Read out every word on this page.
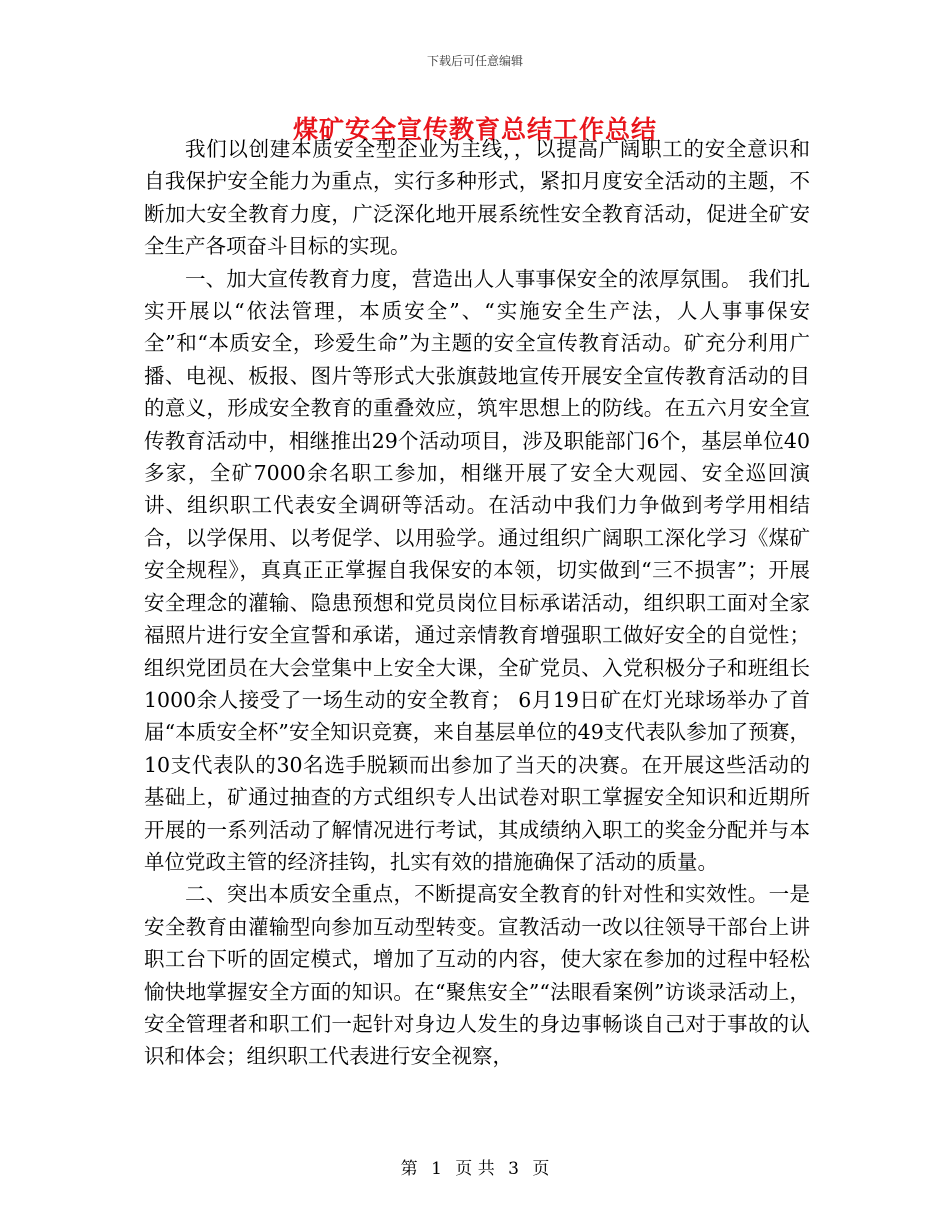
下载后可任意编辑
煤矿安全宣传教育总结工作总结

我们以创建本质安全型企业为主线，，以提高广阔职工的安全意识和自我保护安全能力为重点，实行多种形式，紧扣月度安全活动的主题，不断加大安全教育力度，广泛深化地开展系统性安全教育活动，促进全矿安全生产各项奋斗目标的实现。

一、加大宣传教育力度，营造出人人事事保安全的浓厚氛围。 我们扎实开展以“依法管理，本质安全”、“实施安全生产法，人人事事保安全”和“本质安全，珍爱生命”为主题的安全宣传教育活动。矿充分利用广播、电视、板报、图片等形式大张旗鼓地宣传开展安全宣传教育活动的目的意义，形成安全教育的重叠效应，筑牢思想上的防线。在五六月安全宣传教育活动中，相继推出29个活动项目，涉及职能部门6个，基层单位40多家，全矿7000余名职工参加，相继开展了安全大观园、安全巡回演讲、组织职工代表安全调研等活动。在活动中我们力争做到考学用相结合，以学保用、以考促学、以用验学。通过组织广阔职工深化学习《煤矿安全规程》，真真正正掌握自我保安的本领，切实做到“三不损害”；开展安全理念的灌输、隐患预想和党员岗位目标承诺活动，组织职工面对全家福照片进行安全宣誓和承诺，通过亲情教育增强职工做好安全的自觉性；组织党团员在大会堂集中上安全大课，全矿党员、入党积极分子和班组长1000余人接受了一场生动的安全教育； 6月19日矿在灯光球场举办了首届“本质安全杯”安全知识竞赛，来自基层单位的49支代表队参加了预赛，10支代表队的30名选手脱颖而出参加了当天的决赛。在开展这些活动的基础上，矿通过抽查的方式组织专人出试卷对职工掌握安全知识和近期所开展的一系列活动了解情况进行考试，其成绩纳入职工的奖金分配并与本单位党政主管的经济挂钩，扎实有效的措施确保了活动的质量。

二、突出本质安全重点，不断提高安全教育的针对性和实效性。一是安全教育由灌输型向参加互动型转变。宣教活动一改以往领导干部台上讲职工台下听的固定模式，增加了互动的内容，使大家在参加的过程中轻松愉快地掌握安全方面的知识。在“聚焦安全”“法眼看案例”访谈录活动上，安全管理者和职工们一起针对身边人发生的身边事畅谈自己对于事故的认识和体会；组织职工代表进行安全视察，

第 1 页 共 3 页
